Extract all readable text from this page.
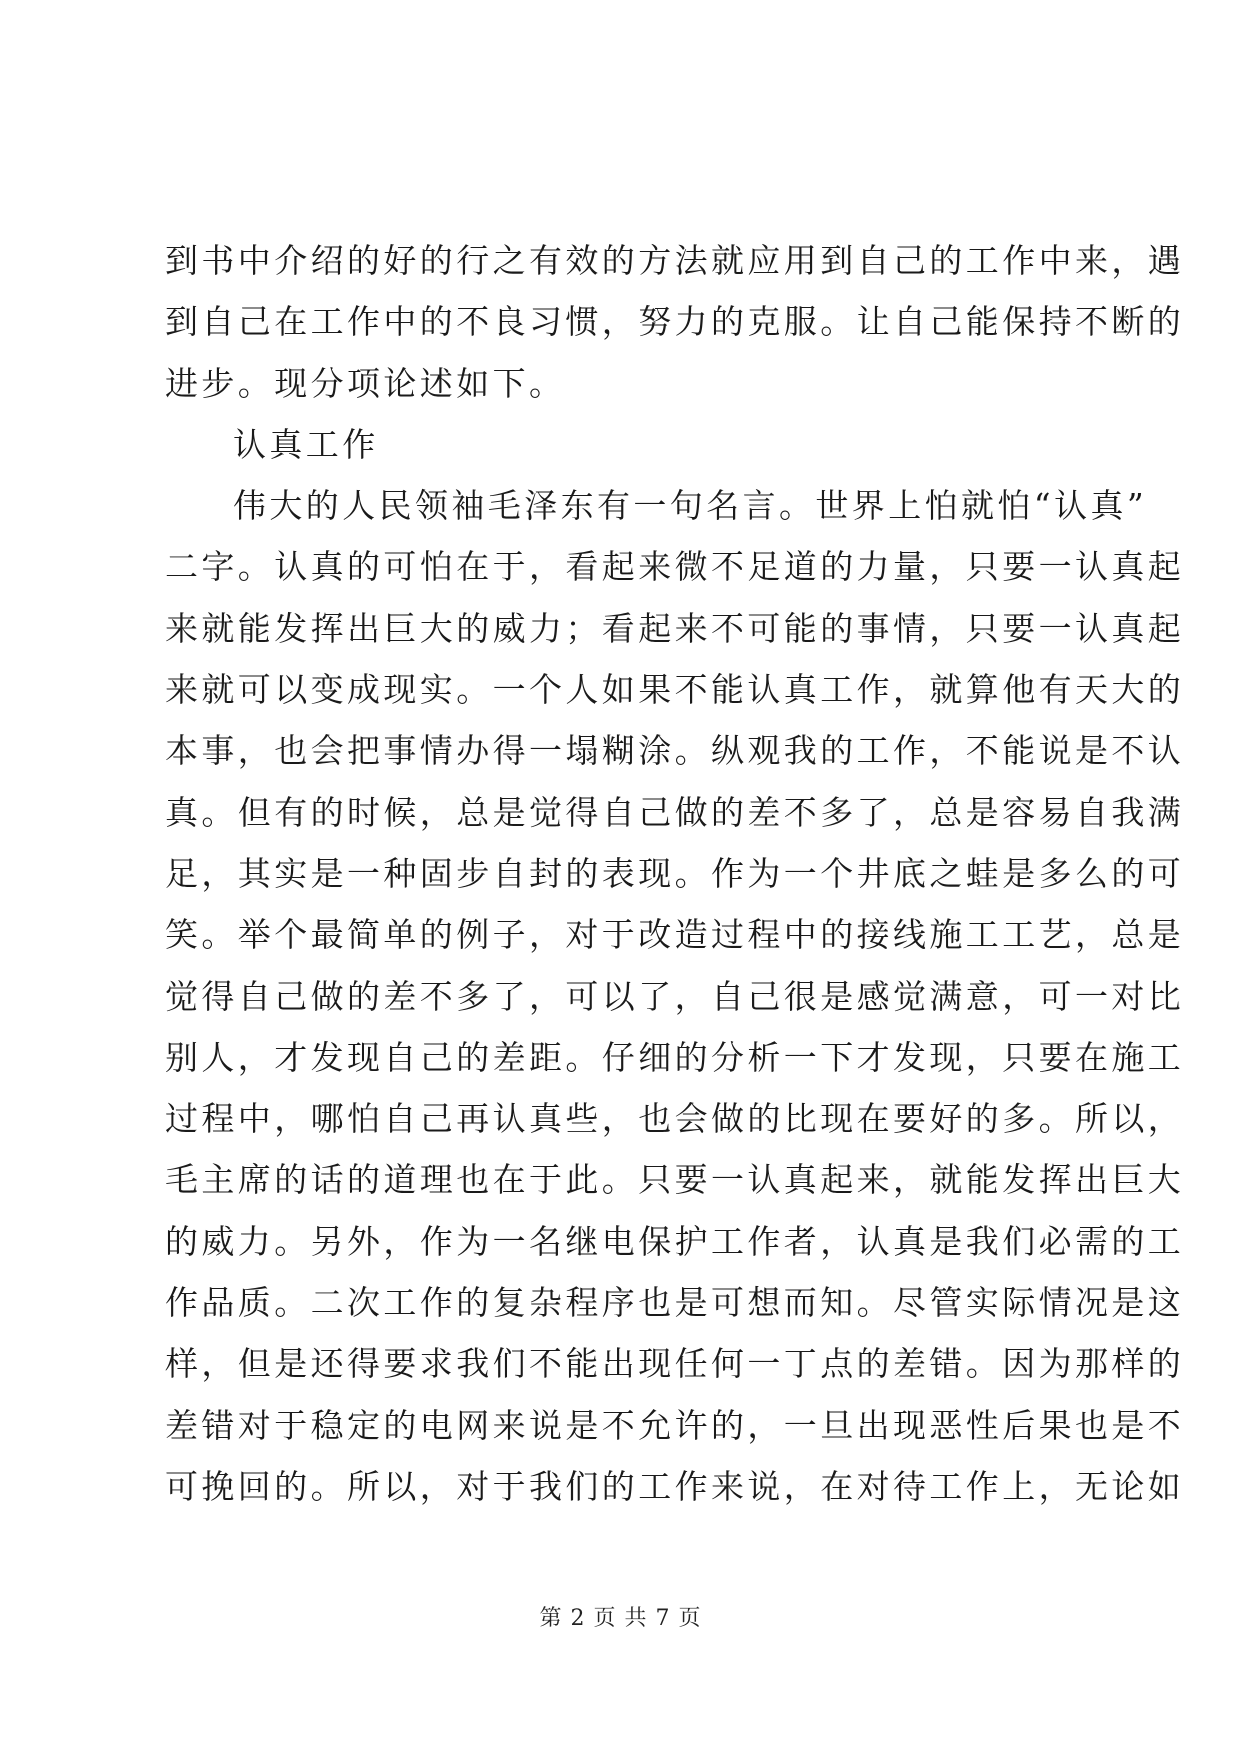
到书中介绍的好的行之有效的方法就应用到自己的工作中来，遇
到自己在工作中的不良习惯，努力的克服。让自己能保持不断的
进步。现分项论述如下。
认真工作
伟大的人民领袖毛泽东有一句名言。世界上怕就怕“认真”
二字。认真的可怕在于，看起来微不足道的力量，只要一认真起
来就能发挥出巨大的威力；看起来不可能的事情，只要一认真起
来就可以变成现实。一个人如果不能认真工作，就算他有天大的
本事，也会把事情办得一塌糊涂。纵观我的工作，不能说是不认
真。但有的时候，总是觉得自己做的差不多了，总是容易自我满
足，其实是一种固步自封的表现。作为一个井底之蛙是多么的可
笑。举个最简单的例子，对于改造过程中的接线施工工艺，总是
觉得自己做的差不多了，可以了，自己很是感觉满意，可一对比
别人，才发现自己的差距。仔细的分析一下才发现，只要在施工
过程中，哪怕自己再认真些，也会做的比现在要好的多。所以，
毛主席的话的道理也在于此。只要一认真起来，就能发挥出巨大
的威力。另外，作为一名继电保护工作者，认真是我们必需的工
作品质。二次工作的复杂程序也是可想而知。尽管实际情况是这
样，但是还得要求我们不能出现任何一丁点的差错。因为那样的
差错对于稳定的电网来说是不允许的，一旦出现恶性后果也是不
可挽回的。所以，对于我们的工作来说，在对待工作上，无论如
第 2 页 共 7 页
